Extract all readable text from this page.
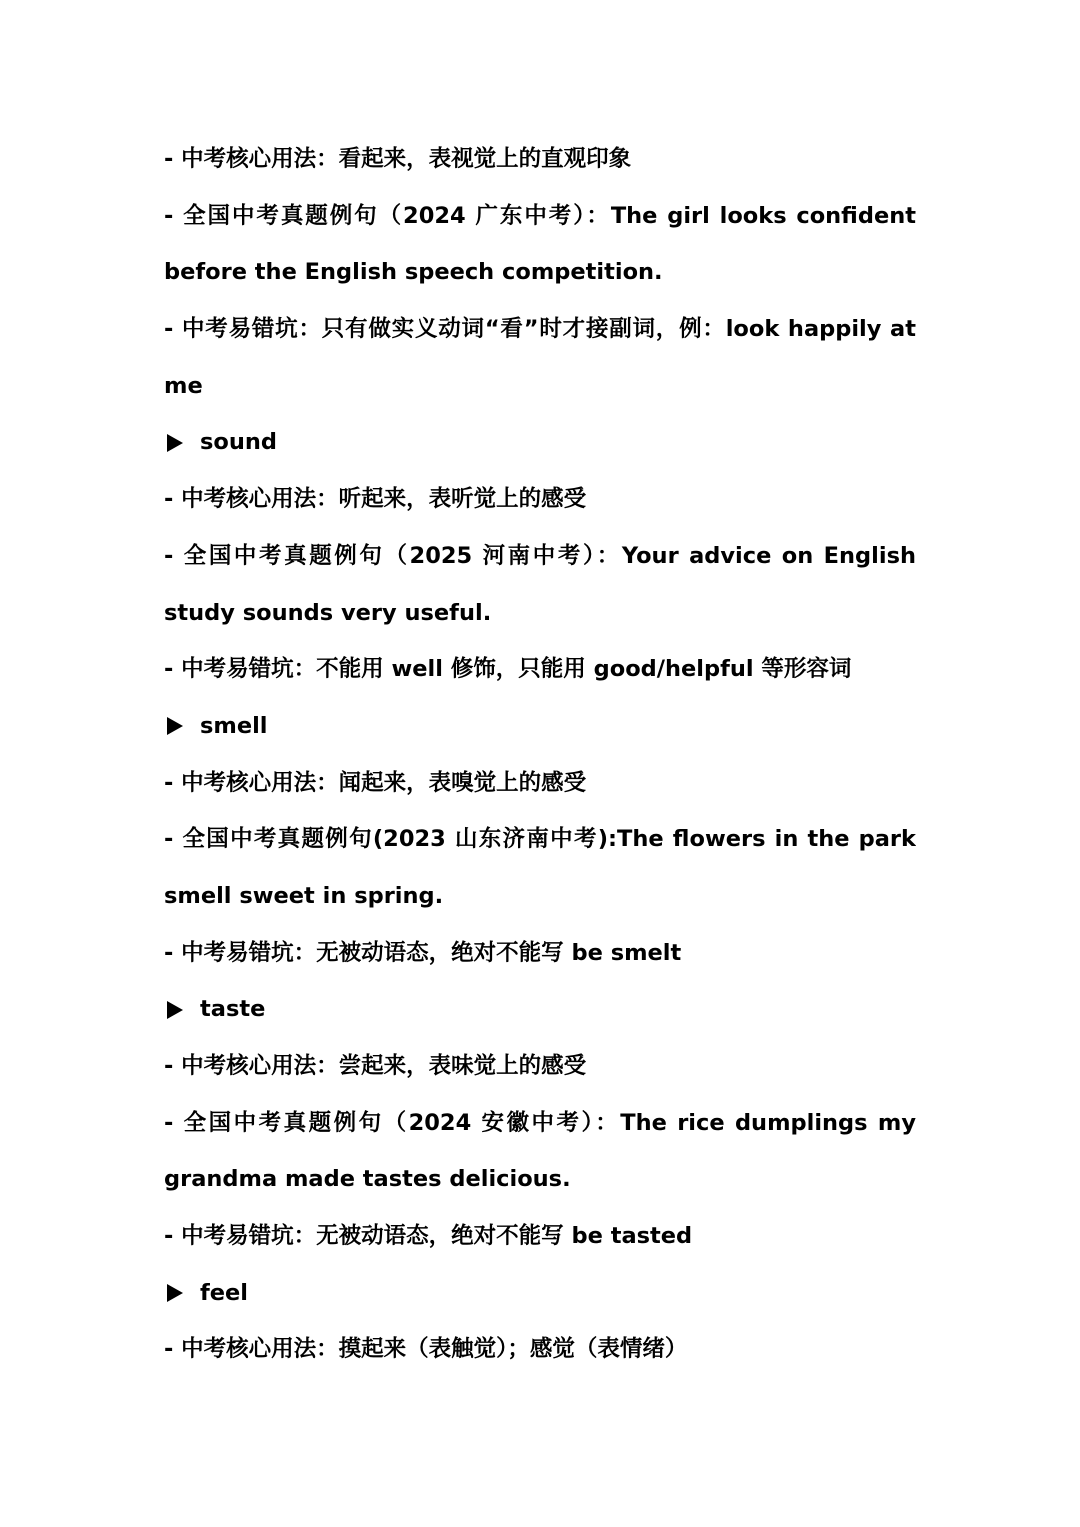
- 中考核心用法：看起来，表视觉上的直观印象
- 全国中考真题例句（2024 广东中考）：The girl looks confident
before the English speech competition.
- 中考易错坑：只有做实义动词“看”时才接副词，例：look happily at
me
sound
- 中考核心用法：听起来，表听觉上的感受
- 全国中考真题例句（2025 河南中考）：Your advice on English
study sounds very useful.
- 中考易错坑：不能用 well 修饰，只能用 good/helpful 等形容词
smell
- 中考核心用法：闻起来，表嗅觉上的感受
- 全国中考真题例句(2023 山东济南中考):The flowers in the park
smell sweet in spring.
- 中考易错坑：无被动语态，绝对不能写 be smelt
taste
- 中考核心用法：尝起来，表味觉上的感受
- 全国中考真题例句（2024 安徽中考）：The rice dumplings my
grandma made tastes delicious.
- 中考易错坑：无被动语态，绝对不能写 be tasted
feel
- 中考核心用法：摸起来（表触觉）；感觉（表情绪）
